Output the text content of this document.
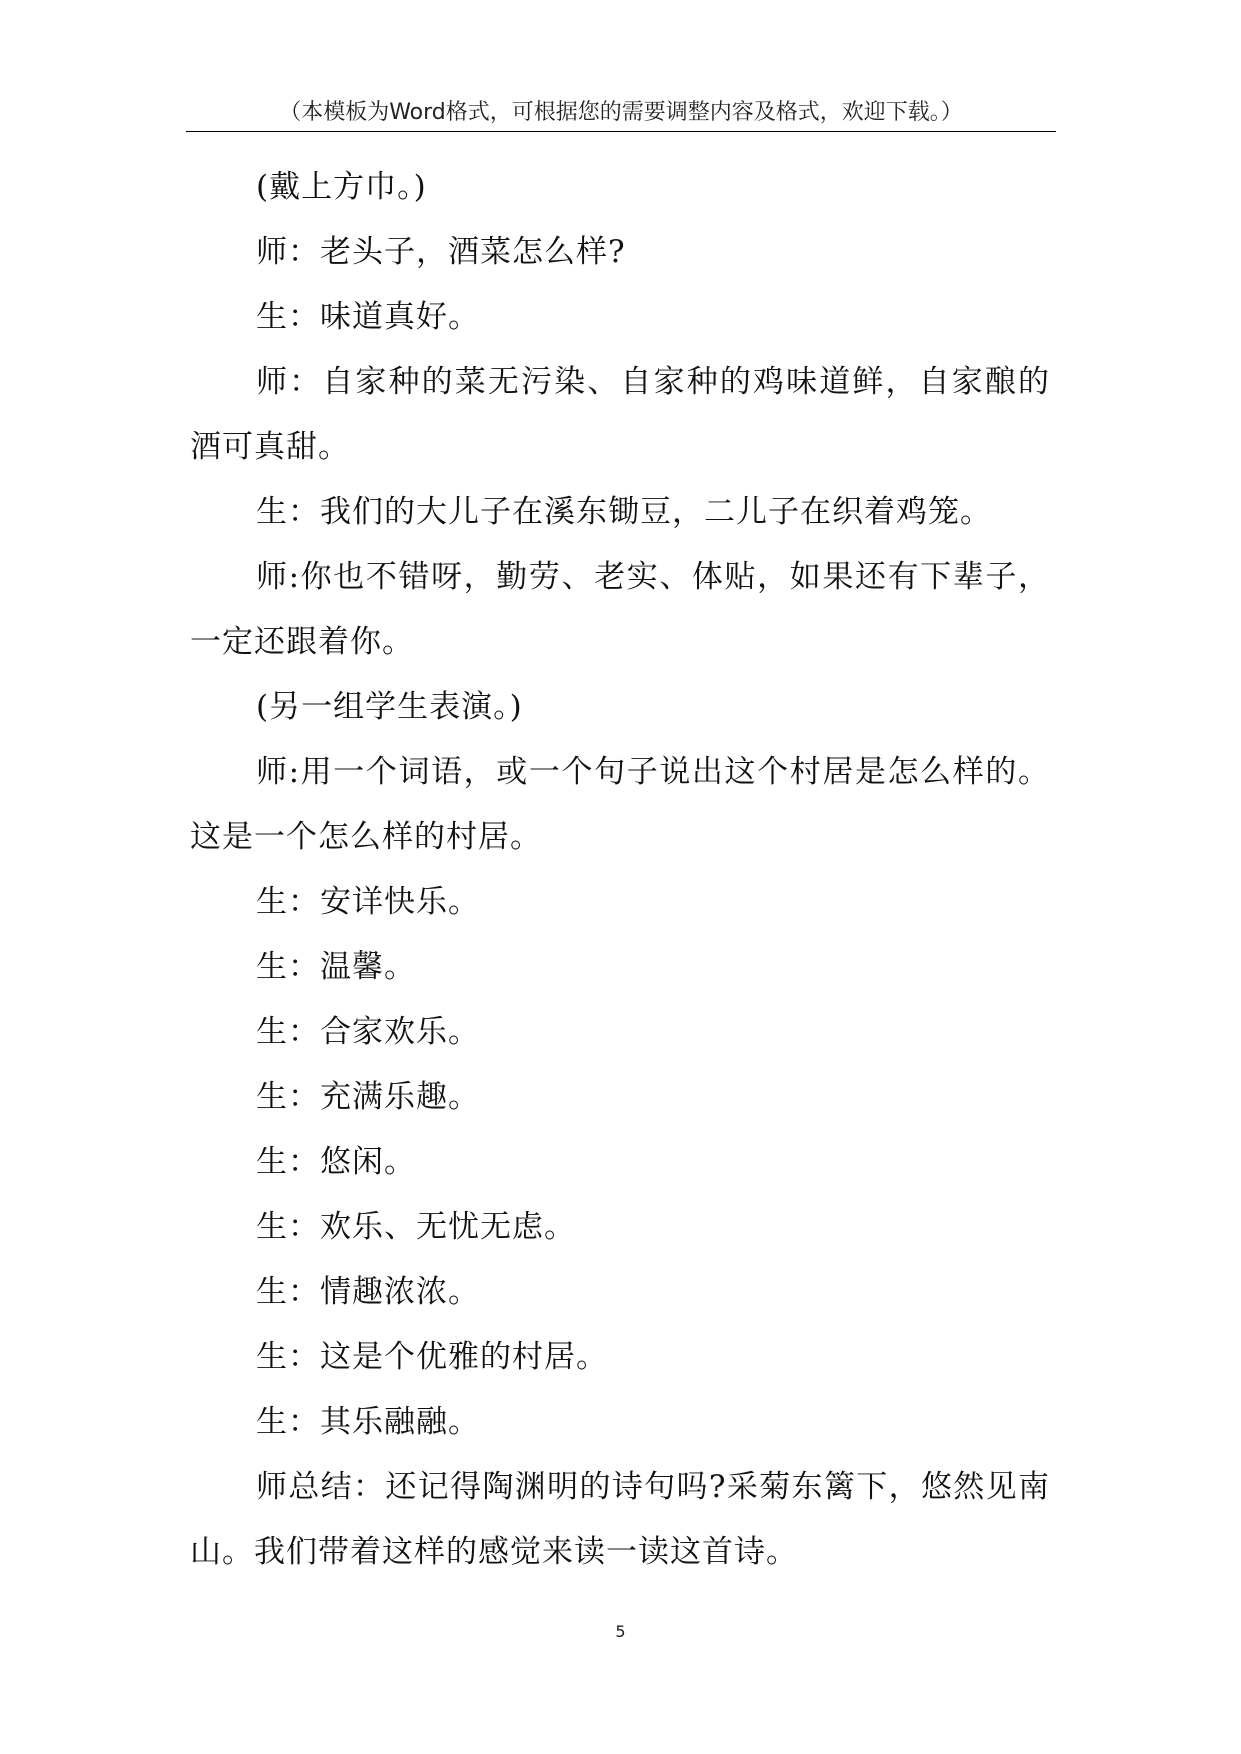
（本模板为Word格式，可根据您的需要调整内容及格式，欢迎下载。）

(戴上方巾。)

师：老头子，酒菜怎么样?

生：味道真好。

师：自家种的菜无污染、自家种的鸡味道鲜，自家酿的酒可真甜。

生：我们的大儿子在溪东锄豆，二儿子在织着鸡笼。

师:你也不错呀，勤劳、老实、体贴，如果还有下辈子，一定还跟着你。

(另一组学生表演。)

师:用一个词语，或一个句子说出这个村居是怎么样的。这是一个怎么样的村居。

生：安详快乐。

生：温馨。

生：合家欢乐。

生：充满乐趣。

生：悠闲。

生：欢乐、无忧无虑。

生：情趣浓浓。

生：这是个优雅的村居。

生：其乐融融。

师总结：还记得陶渊明的诗句吗?采菊东篱下，悠然见南山。我们带着这样的感觉来读一读这首诗。

5
